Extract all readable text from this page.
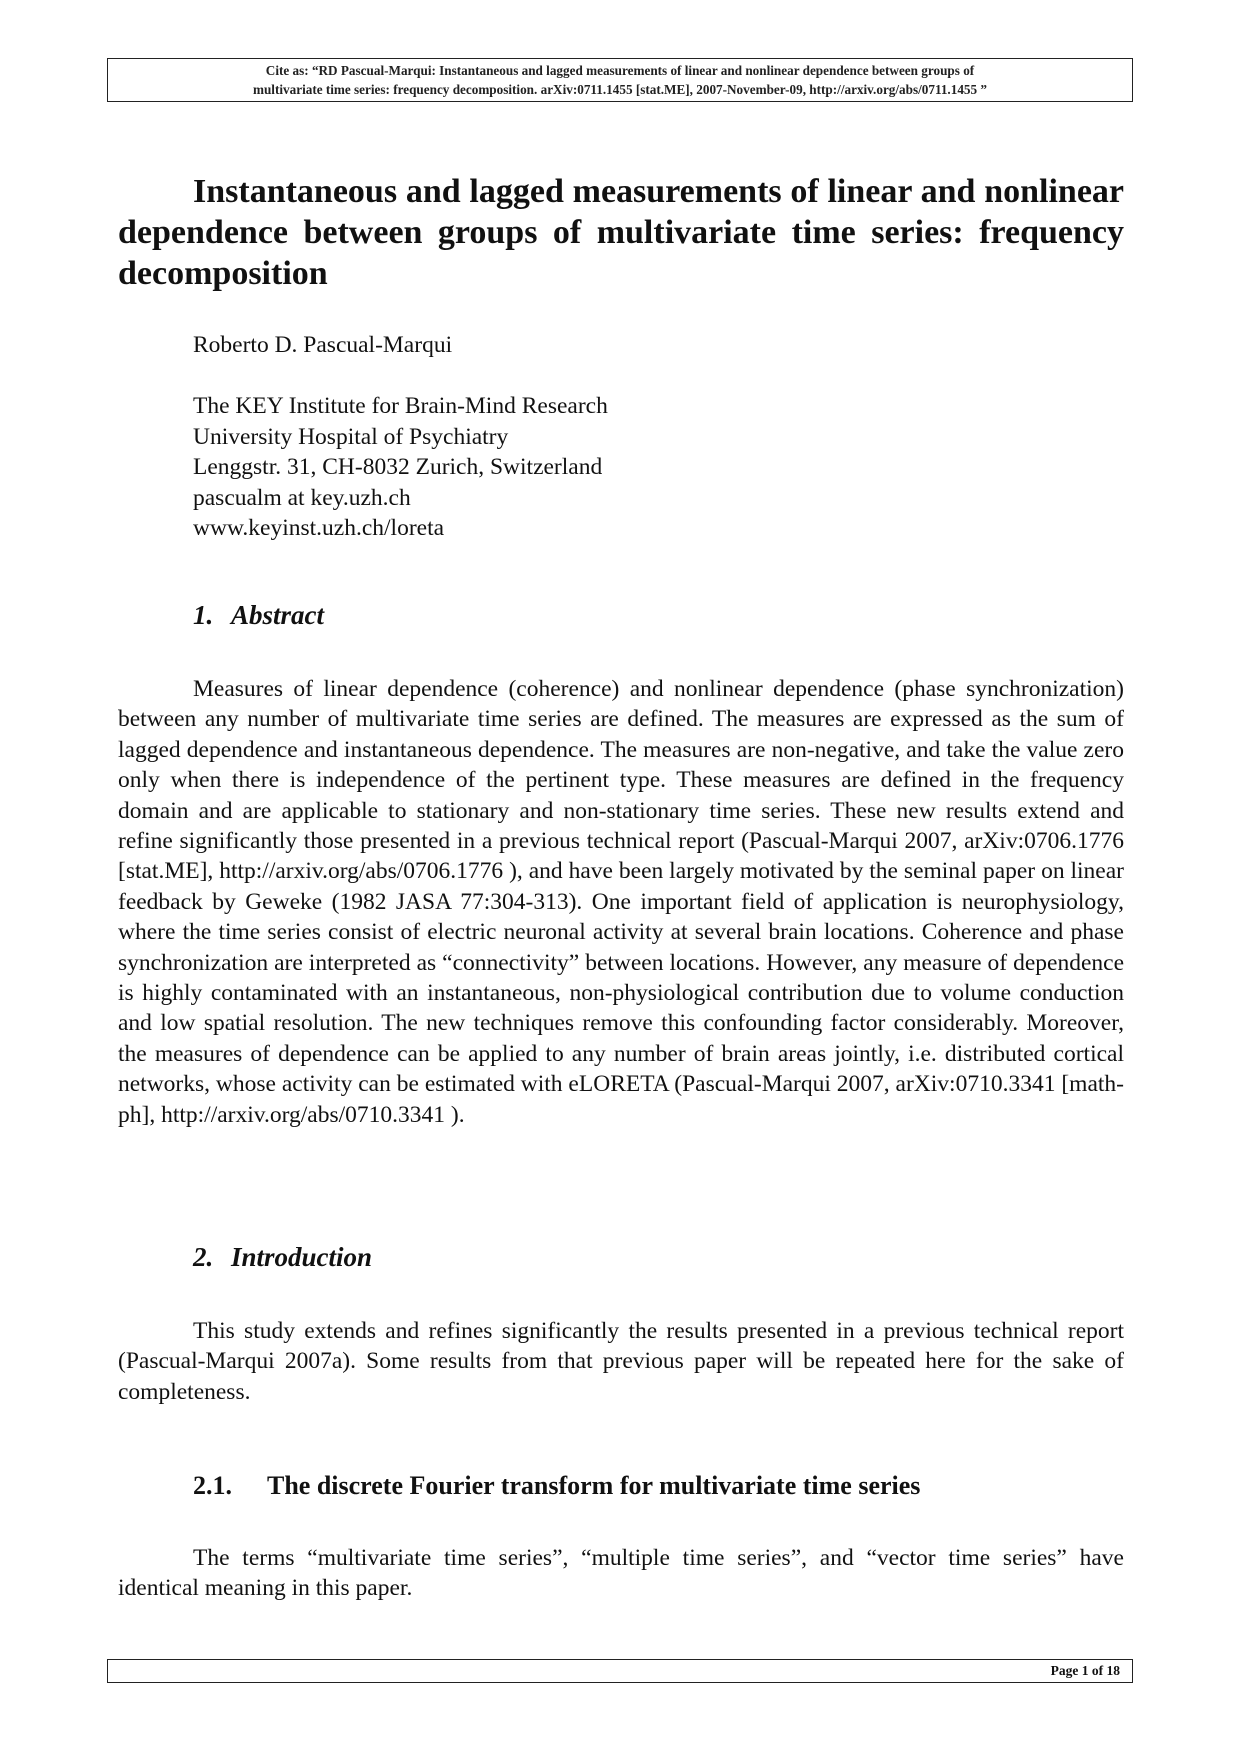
Cite as: “RD Pascual-Marqui: Instantaneous and lagged measurements of linear and nonlinear dependence between groups of
multivariate time series: frequency decomposition. arXiv:0711.1455 [stat.ME], 2007-November-09, http://arxiv.org/abs/0711.1455 ”
Instantaneous and lagged measurements of linear and nonlinear dependence between groups of multivariate time series: frequency decomposition

Roberto D. Pascual-Marqui

The KEY Institute for Brain-Mind Research
University Hospital of Psychiatry
Lenggstr. 31, CH-8032 Zurich, Switzerland
pascualm at key.uzh.ch
www.keyinst.uzh.ch/loreta
1. Abstract

Measures of linear dependence (coherence) and nonlinear dependence (phase synchronization) between any number of multivariate time series are defined. The measures are expressed as the sum of lagged dependence and instantaneous dependence. The measures are non-negative, and take the value zero only when there is independence of the pertinent type. These measures are defined in the frequency domain and are applicable to stationary and non-stationary time series. These new results extend and refine significantly those presented in a previous technical report (Pascual-Marqui 2007, arXiv:0706.1776 [stat.ME], http://arxiv.org/abs/0706.1776 ), and have been largely motivated by the seminal paper on linear feedback by Geweke (1982 JASA 77:304-313). One important field of application is neurophysiology, where the time series consist of electric neuronal activity at several brain locations. Coherence and phase synchronization are interpreted as “connectivity” between locations. However, any measure of dependence is highly contaminated with an instantaneous, non-physiological contribution due to volume conduction and low spatial resolution. The new techniques remove this confounding factor considerably. Moreover, the measures of dependence can be applied to any number of brain areas jointly, i.e. distributed cortical networks, whose activity can be estimated with eLORETA (Pascual-Marqui 2007, arXiv:0710.3341 [math-ph], http://arxiv.org/abs/0710.3341 ).

2. Introduction

This study extends and refines significantly the results presented in a previous technical report (Pascual-Marqui 2007a). Some results from that previous paper will be repeated here for the sake of completeness.

2.1. The discrete Fourier transform for multivariate time series

The terms “multivariate time series”, “multiple time series”, and “vector time series” have identical meaning in this paper.

Page 1 of 18
